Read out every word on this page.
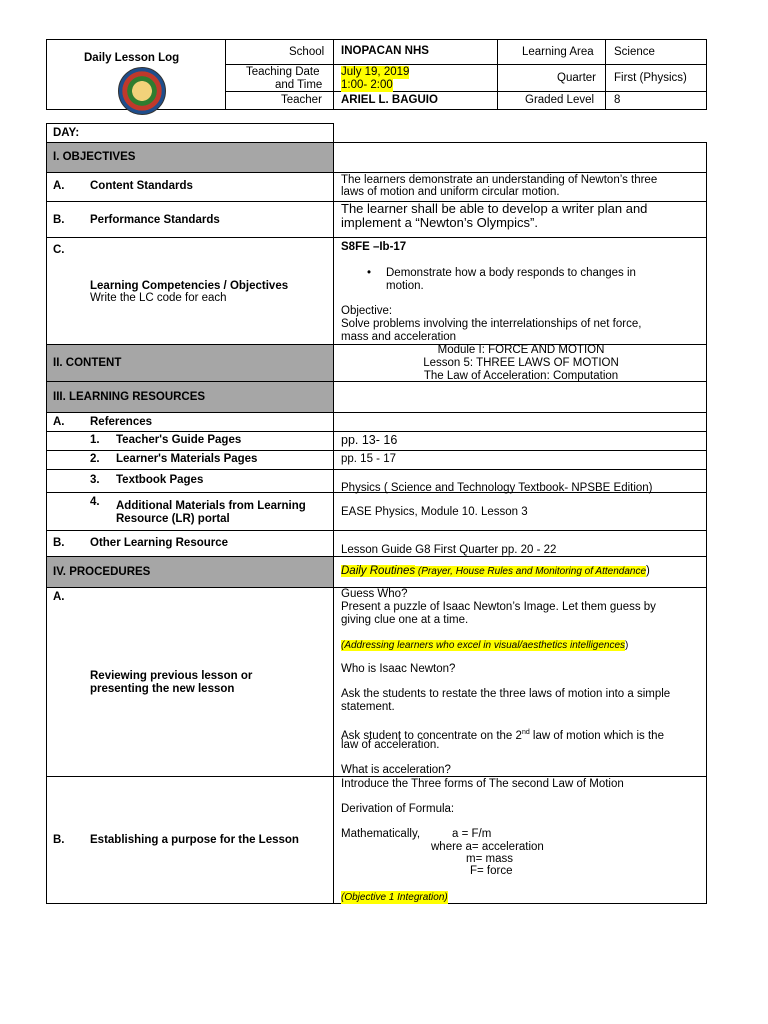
Daily Lesson Log	School INOPACAN NHS
Teaching Date
and Time
July 19, 2019
1:00- 2:00
Teacher ARIEL L. BAGUIO
Learning Area Science
Quarter First (Physics)
Graded Level 8
DAY:
I. OBJECTIVES
A. Content Standards
B. Performance Standards
C.
Learning Competencies / Objectives
Write the LC code for each
II. CONTENT
III. LEARNING RESOURCES
A. References
1. Teacher's Guide Pages
2. Learner's Materials Pages
3. Textbook Pages
4. Additional Materials from Learning
Resource (LR) portal
B. Other Learning Resource
IV. PROCEDURES
A.
Reviewing previous lesson or
presenting the new lesson
B. Establishing a purpose for the Lesson
The learners demonstrate an understanding of Newton’s three
laws of motion and uniform circular motion.
The learner shall be able to develop a writer plan and
implement a “Newton’s Olympics”.
S8FE –Ib-17
• Demonstrate how a body responds to changes in
motion.
Objective:
Solve problems involving the interrelationships of net force,
mass and acceleration
Module I: FORCE AND MOTION
Lesson 5: THREE LAWS OF MOTION
The Law of Acceleration: Computation
pp. 13- 16
pp. 15 - 17
Physics ( Science and Technology Textbook- NPSBE Edition)
EASE Physics, Module 10. Lesson 3
Lesson Guide G8 First Quarter pp. 20 - 22
Daily Routines (Prayer, House Rules and Monitoring of Attendance)
Guess Who?
Present a puzzle of Isaac Newton’s Image. Let them guess by
giving clue one at a time.
(Addressing learners who excel in visual/aesthetics intelligences)
Who is Isaac Newton?
Ask the students to restate the three laws of motion into a simple
statement.
Ask student to concentrate on the 2nd law of motion which is the
law of acceleration.
What is acceleration?
Introduce the Three forms of The second Law of Motion
Derivation of Formula:
Mathematically,	a = F/m
where a= acceleration
m= mass
F= force
(Objective 1 Integration)
